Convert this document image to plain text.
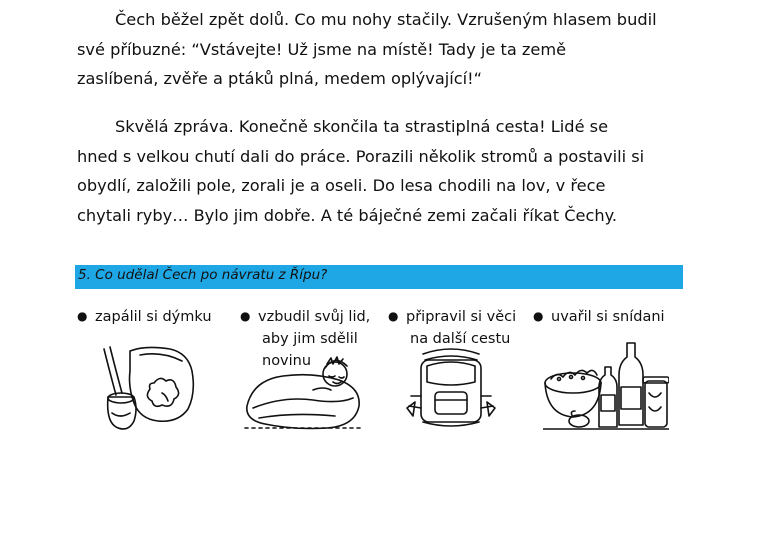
Čech běžel zpět dolů. Co mu nohy stačily. Vzrušeným hlasem budil
své příbuzné: “Vstávejte! Už jsme na místě! Tady je ta země
zaslíbená, zvěře a ptáků plná, medem oplývající!“
Skvělá zpráva. Konečně skončila ta strastiplná cesta! Lidé se
hned s velkou chutí dali do práce. Porazili několik stromů a postavili si
obydlí, založili pole, zorali je a oseli. Do lesa chodili na lov, v řece
chytali ryby… Bylo jim dobře. A té báječné zemi začali říkat Čechy.
5. Co udělal Čech po návratu z Řípu?
● zapálil si dýmku ● vzbudil svůj lid,
aby jim sdělil
novinu
● připravil si věci
na další cestu
● uvařil si snídani
